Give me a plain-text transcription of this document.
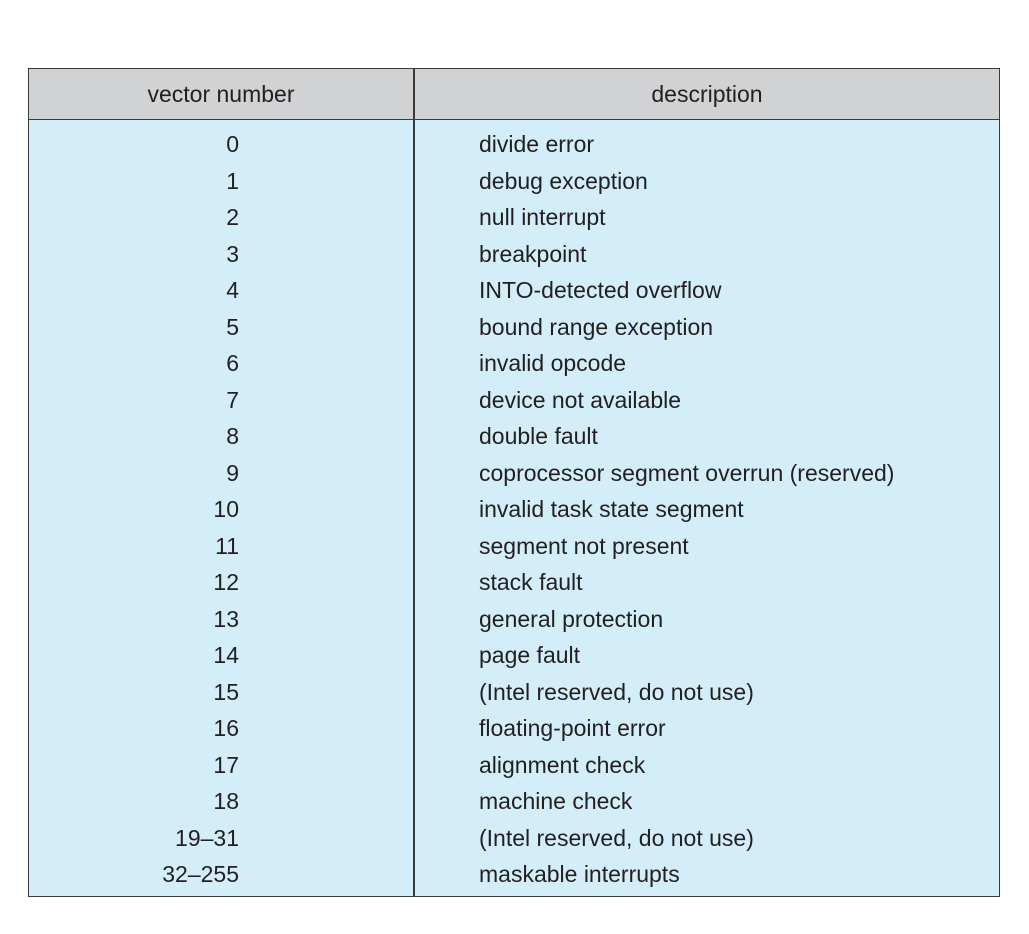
vector number	description
0	divide error
1	debug exception
2	null interrupt
3	breakpoint
4	INTO-detected overflow
5	bound range exception
6	invalid opcode
7	device not available
8	double fault
9	coprocessor segment overrun (reserved)
10	invalid task state segment
11	segment not present
12	stack fault
13	general protection
14	page fault
15	(Intel reserved, do not use)
16	floating-point error
17	alignment check
18	machine check
19–31	(Intel reserved, do not use)
32–255	maskable interrupts
